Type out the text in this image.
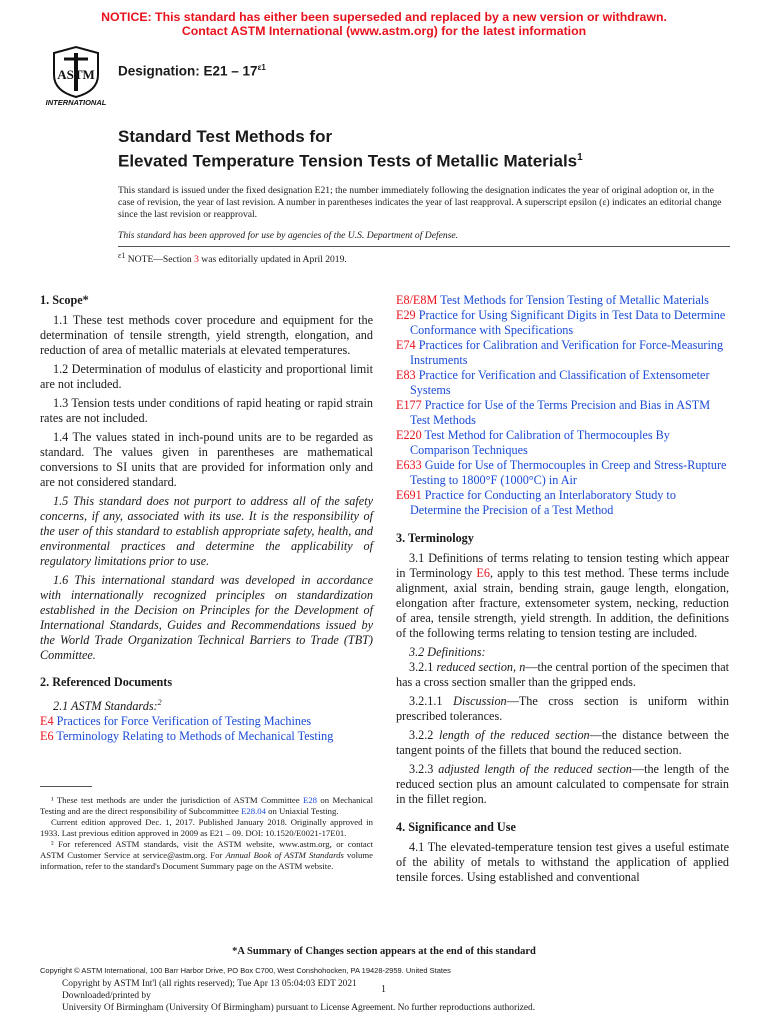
NOTICE: This standard has either been superseded and replaced by a new version or withdrawn.
Contact ASTM International (www.astm.org) for the latest information
ASTM
INTERNATIONAL
Designation: $E21 - 17^{\varepsilon 1}$
Standard Test Methods for
Elevated Temperature Tension Tests of Metallic Materials$^1$
This standard is issued under the fixed designation E21; the number immediately following the designation indicates the year of original adoption or, in the case of revision, the year of last revision. A number in parentheses indicates the year of last reapproval. A superscript epsilon (ε) indicates an editorial change since the last revision or reapproval.
This standard has been approved for use by agencies of the U.S. Department of Defense.
$^{\varepsilon 1}$ NOTE—Section 3 was editorially updated in April 2019.
1. Scope*

1.1 These test methods cover procedure and equipment for the determination of tensile strength, yield strength, elongation, and reduction of area of metallic materials at elevated temperatures.

1.2 Determination of modulus of elasticity and proportional limit are not included.

1.3 Tension tests under conditions of rapid heating or rapid strain rates are not included.

1.4 The values stated in inch-pound units are to be regarded as standard. The values given in parentheses are mathematical conversions to SI units that are provided for information only and are not considered standard.

1.5 This standard does not purport to address all of the safety concerns, if any, associated with its use. It is the responsibility of the user of this standard to establish appropriate safety, health, and environmental practices and determine the applicability of regulatory limitations prior to use.

1.6 This international standard was developed in accordance with internationally recognized principles on standardization established in the Decision on Principles for the Development of International Standards, Guides and Recommendations issued by the World Trade Organization Technical Barriers to Trade (TBT) Committee.

2. Referenced Documents

2.1 ASTM Standards:$^2$

E4 Practices for Force Verification of Testing Machines
E6 Terminology Relating to Methods of Mechanical Testing

¹ These test methods are under the jurisdiction of ASTM Committee E28 on Mechanical Testing and are the direct responsibility of Subcommittee E28.04 on Uniaxial Testing.

Current edition approved Dec. 1, 2017. Published January 2018. Originally approved in 1933. Last previous edition approved in 2009 as E21 – 09. DOI: 10.1520/E0021-17E01.

² For referenced ASTM standards, visit the ASTM website, www.astm.org, or contact ASTM Customer Service at service@astm.org. For Annual Book of ASTM Standards volume information, refer to the standard's Document Summary page on the ASTM website.

E8/E8M Test Methods for Tension Testing of Metallic Materials
E29 Practice for Using Significant Digits in Test Data to Determine Conformance with Specifications
E74 Practices for Calibration and Verification for Force-Measuring Instruments
E83 Practice for Verification and Classification of Extensometer Systems
E177 Practice for Use of the Terms Precision and Bias in ASTM Test Methods
E220 Test Method for Calibration of Thermocouples By Comparison Techniques
E633 Guide for Use of Thermocouples in Creep and Stress-Rupture Testing to 1800°F (1000°C) in Air
E691 Practice for Conducting an Interlaboratory Study to Determine the Precision of a Test Method
3. Terminology

3.1 Definitions of terms relating to tension testing which appear in Terminology E6, apply to this test method. These terms include alignment, axial strain, bending strain, gauge length, elongation, elongation after fracture, extensometer system, necking, reduction of area, tensile strength, yield strength. In addition, the definitions of the following terms relating to tension testing are included.

3.2 Definitions:

3.2.1 reduced section, n—the central portion of the specimen that has a cross section smaller than the gripped ends.

3.2.1.1 Discussion—The cross section is uniform within prescribed tolerances.

3.2.2 length of the reduced section—the distance between the tangent points of the fillets that bound the reduced section.

3.2.3 adjusted length of the reduced section—the length of the reduced section plus an amount calculated to compensate for strain in the fillet region.

4. Significance and Use

4.1 The elevated-temperature tension test gives a useful estimate of the ability of metals to withstand the application of applied tensile forces. Using established and conventional

*A Summary of Changes section appears at the end of this standard
Copyright © ASTM International, 100 Barr Harbor Drive, PO Box C700, West Conshohocken, PA 19428-2959. United States
Copyright by ASTM Int'l (all rights reserved); Tue Apr 13 05:04:03 EDT 2021
Downloaded/printed by
University Of Birmingham (University Of Birmingham) pursuant to License Agreement. No further reproductions authorized.
1
